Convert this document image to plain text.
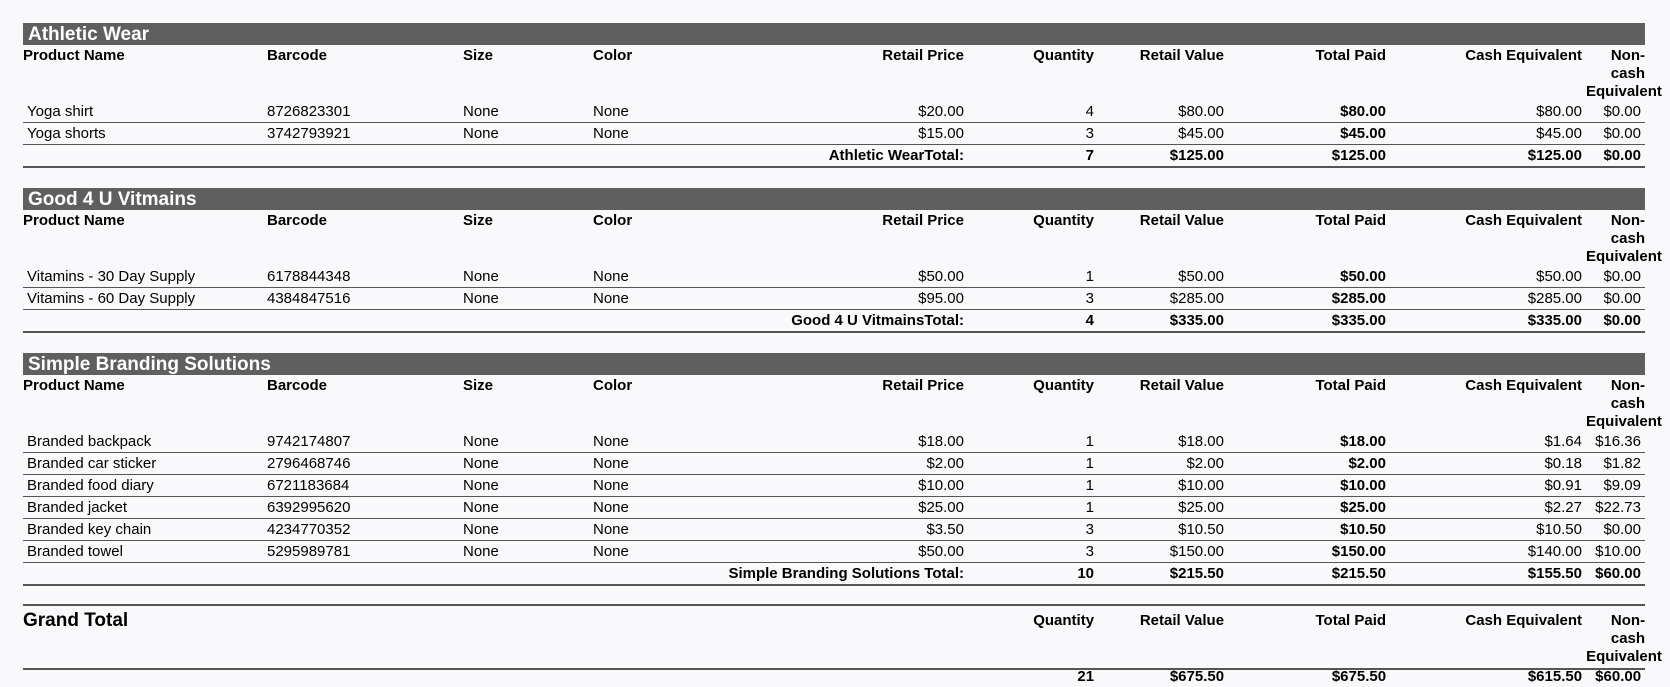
Athletic Wear
Product Name	Barcode	Size	Color	Retail Price	Quantity	Retail Value	Total Paid	Cash Equivalent	Non-cash Equivalent
Yoga shirt	8726823301	None	None	$20.00	4	$80.00	$80.00	$80.00	$0.00
Yoga shorts	3742793921	None	None	$15.00	3	$45.00	$45.00	$45.00	$0.00
Athletic WearTotal:					7	$125.00	$125.00	$125.00	$0.00
Good 4 U Vitmains
Product Name	Barcode	Size	Color	Retail Price	Quantity	Retail Value	Total Paid	Cash Equivalent	Non-cash Equivalent
Vitamins - 30 Day Supply	6178844348	None	None	$50.00	1	$50.00	$50.00	$50.00	$0.00
Vitamins - 60 Day Supply	4384847516	None	None	$95.00	3	$285.00	$285.00	$285.00	$0.00
Good 4 U VitmainsTotal:					4	$335.00	$335.00	$335.00	$0.00
Simple Branding Solutions
Product Name	Barcode	Size	Color	Retail Price	Quantity	Retail Value	Total Paid	Cash Equivalent	Non-cash Equivalent
Branded backpack	9742174807	None	None	$18.00	1	$18.00	$18.00	$1.64	$16.36
Branded car sticker	2796468746	None	None	$2.00	1	$2.00	$2.00	$0.18	$1.82
Branded food diary	6721183684	None	None	$10.00	1	$10.00	$10.00	$0.91	$9.09
Branded jacket	6392995620	None	None	$25.00	1	$25.00	$25.00	$2.27	$22.73
Branded key chain	4234770352	None	None	$3.50	3	$10.50	$10.50	$10.50	$0.00
Branded towel	5295989781	None	None	$50.00	3	$150.00	$150.00	$140.00	$10.00
Simple Branding Solutions Total:					10	$215.50	$215.50	$155.50	$60.00
Grand Total	Quantity	Retail Value	Total Paid	Cash Equivalent	Non-cash Equivalent
	21	$675.50	$675.50	$615.50	$60.00
